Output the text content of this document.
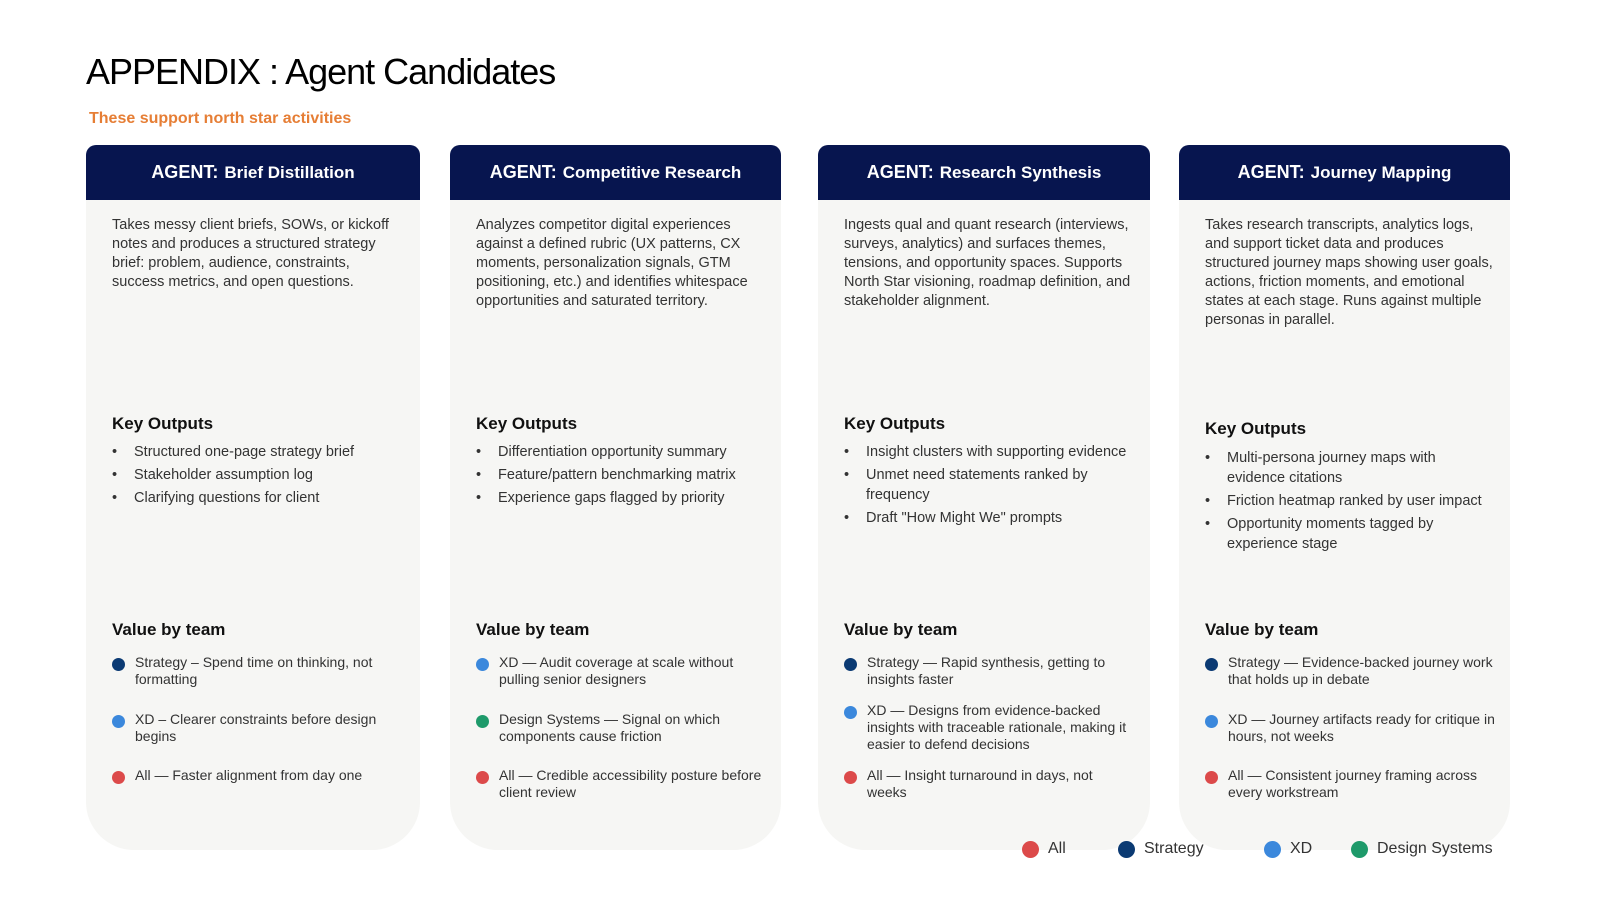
APPENDIX : Agent Candidates
These support north star activities
AGENT: Brief Distillation
Takes messy client briefs, SOWs, or kickoff notes and produces a structured strategy brief: problem, audience, constraints, success metrics, and open questions.
Key Outputs
• Structured one-page strategy brief
• Stakeholder assumption log
• Clarifying questions for client
Value by team
Strategy – Spend time on thinking, not formatting
XD – Clearer constraints before design begins
All — Faster alignment from day one
AGENT: Competitive Research
Analyzes competitor digital experiences against a defined rubric (UX patterns, CX moments, personalization signals, GTM positioning, etc.) and identifies whitespace opportunities and saturated territory.
Key Outputs
• Differentiation opportunity summary
• Feature/pattern benchmarking matrix
• Experience gaps flagged by priority
Value by team
XD — Audit coverage at scale without pulling senior designers
Design Systems — Signal on which components cause friction
All — Credible accessibility posture before client review
AGENT: Research Synthesis
Ingests qual and quant research (interviews, surveys, analytics) and surfaces themes, tensions, and opportunity spaces. Supports North Star visioning, roadmap definition, and stakeholder alignment.
Key Outputs
• Insight clusters with supporting evidence
• Unmet need statements ranked by frequency
• Draft "How Might We" prompts
Value by team
Strategy — Rapid synthesis, getting to insights faster
XD — Designs from evidence-backed insights with traceable rationale, making it easier to defend decisions
All — Insight turnaround in days, not weeks
AGENT: Journey Mapping
Takes research transcripts, analytics logs, and support ticket data and produces structured journey maps showing user goals, actions, friction moments, and emotional states at each stage. Runs against multiple personas in parallel.
Key Outputs
• Multi-persona journey maps with evidence citations
• Friction heatmap ranked by user impact
• Opportunity moments tagged by experience stage
Value by team
Strategy — Evidence-backed journey work that holds up in debate
XD — Journey artifacts ready for critique in hours, not weeks
All — Consistent journey framing across every workstream
All	Strategy	XD	Design Systems
